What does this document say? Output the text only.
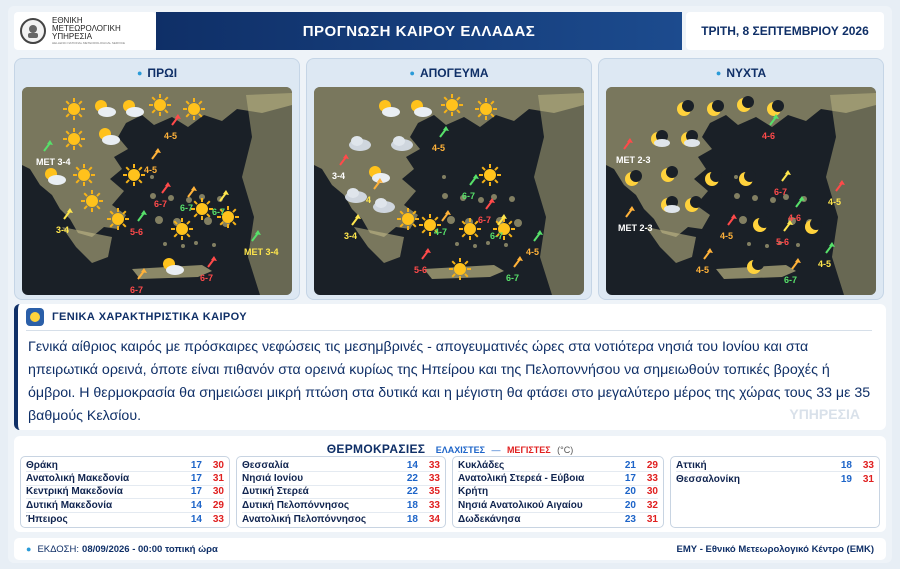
ΕΘΝΙΚΗ
ΜΕΤΕΩΡΟΛΟΓΙΚΗ
ΥΠΗΡΕΣΙΑ
HELLENIC NATIONAL METEOROLOGICAL SERVICE
ΠΡΟΓΝΩΣΗ ΚΑΙΡΟΥ ΕΛΛΑΔΑΣ	ΤΡΙΤΗ, 8 ΣΕΠΤΕΜΒΡΙΟΥ 2026
● ΠΡΩΙ
ΜΕΤ 3-4
4-5
4-5
3-4	5-6
6-7 6-7 6-7
ΜΕΤ 3-4
6-7
6-7
● ΑΠΟΓΕΥΜΑ
4-5
3-4
4
3-4
6-7
6-7
4-7	6-7
4-5
5-6
6-7
● ΝΥΧΤΑ
4-6
ΜΕΤ 2-3
ΜΕΤ 2-3
6-7
4-6
4-5
4-5
5-6
4-5
4-5
6-7
ΓΕΝΙΚΑ ΧΑΡΑΚΤΗΡΙΣΤΙΚΑ ΚΑΙΡΟΥ
Γενικά αίθριος καιρός με πρόσκαιρες νεφώσεις τις μεσημβρινές - απογευματινές ώρες στα νοτιότερα νησιά του Ιονίου και στα ηπειρωτικά ορεινά, όποτε είναι πιθανόν στα ορεινά κυρίως της Ηπείρου και της Πελοποννήσου να σημειωθούν τοπικές βροχές ή όμβροι. Η θερμοκρασία θα σημειώσει μικρή πτώση στα δυτικά και η μέγιστη θα φτάσει στο μεγαλύτερο μέρος της χώρας τους 33 με 35 βαθμούς Κελσίου.	ΥΠΗΡΕΣΙΑ
ΘΕΡΜΟΚΡΑΣΙΕΣ ΕΛΑΧΙΣΤΕΣ — ΜΕΓΙΣΤΕΣ (°C)
Θράκη	17	30
Ανατολική Μακεδονία	17	31
Κεντρική Μακεδονία	17	30
Δυτική Μακεδονία	14	29
Ήπειρος	14	33
Θεσσαλία	14	33
Νησιά Ιονίου	22	33
Δυτική Στερεά	22	35
Δυτική Πελοπόννησος	18	33
Ανατολική Πελοπόννησος	18	34
Κυκλάδες	21	29
Ανατολική Στερεά - Εύβοια	17	33
Κρήτη	20	30
Νησιά Ανατολικού Αιγαίου	20	32
Δωδεκάνησα	23	31
Αττική	18	33
Θεσσαλονίκη	19	31
● ΕΚΔΟΣΗ: 08/09/2026 - 00:00 τοπική ώρα	ΕΜΥ - Εθνικό Μετεωρολογικό Κέντρο (ΕΜΚ)
